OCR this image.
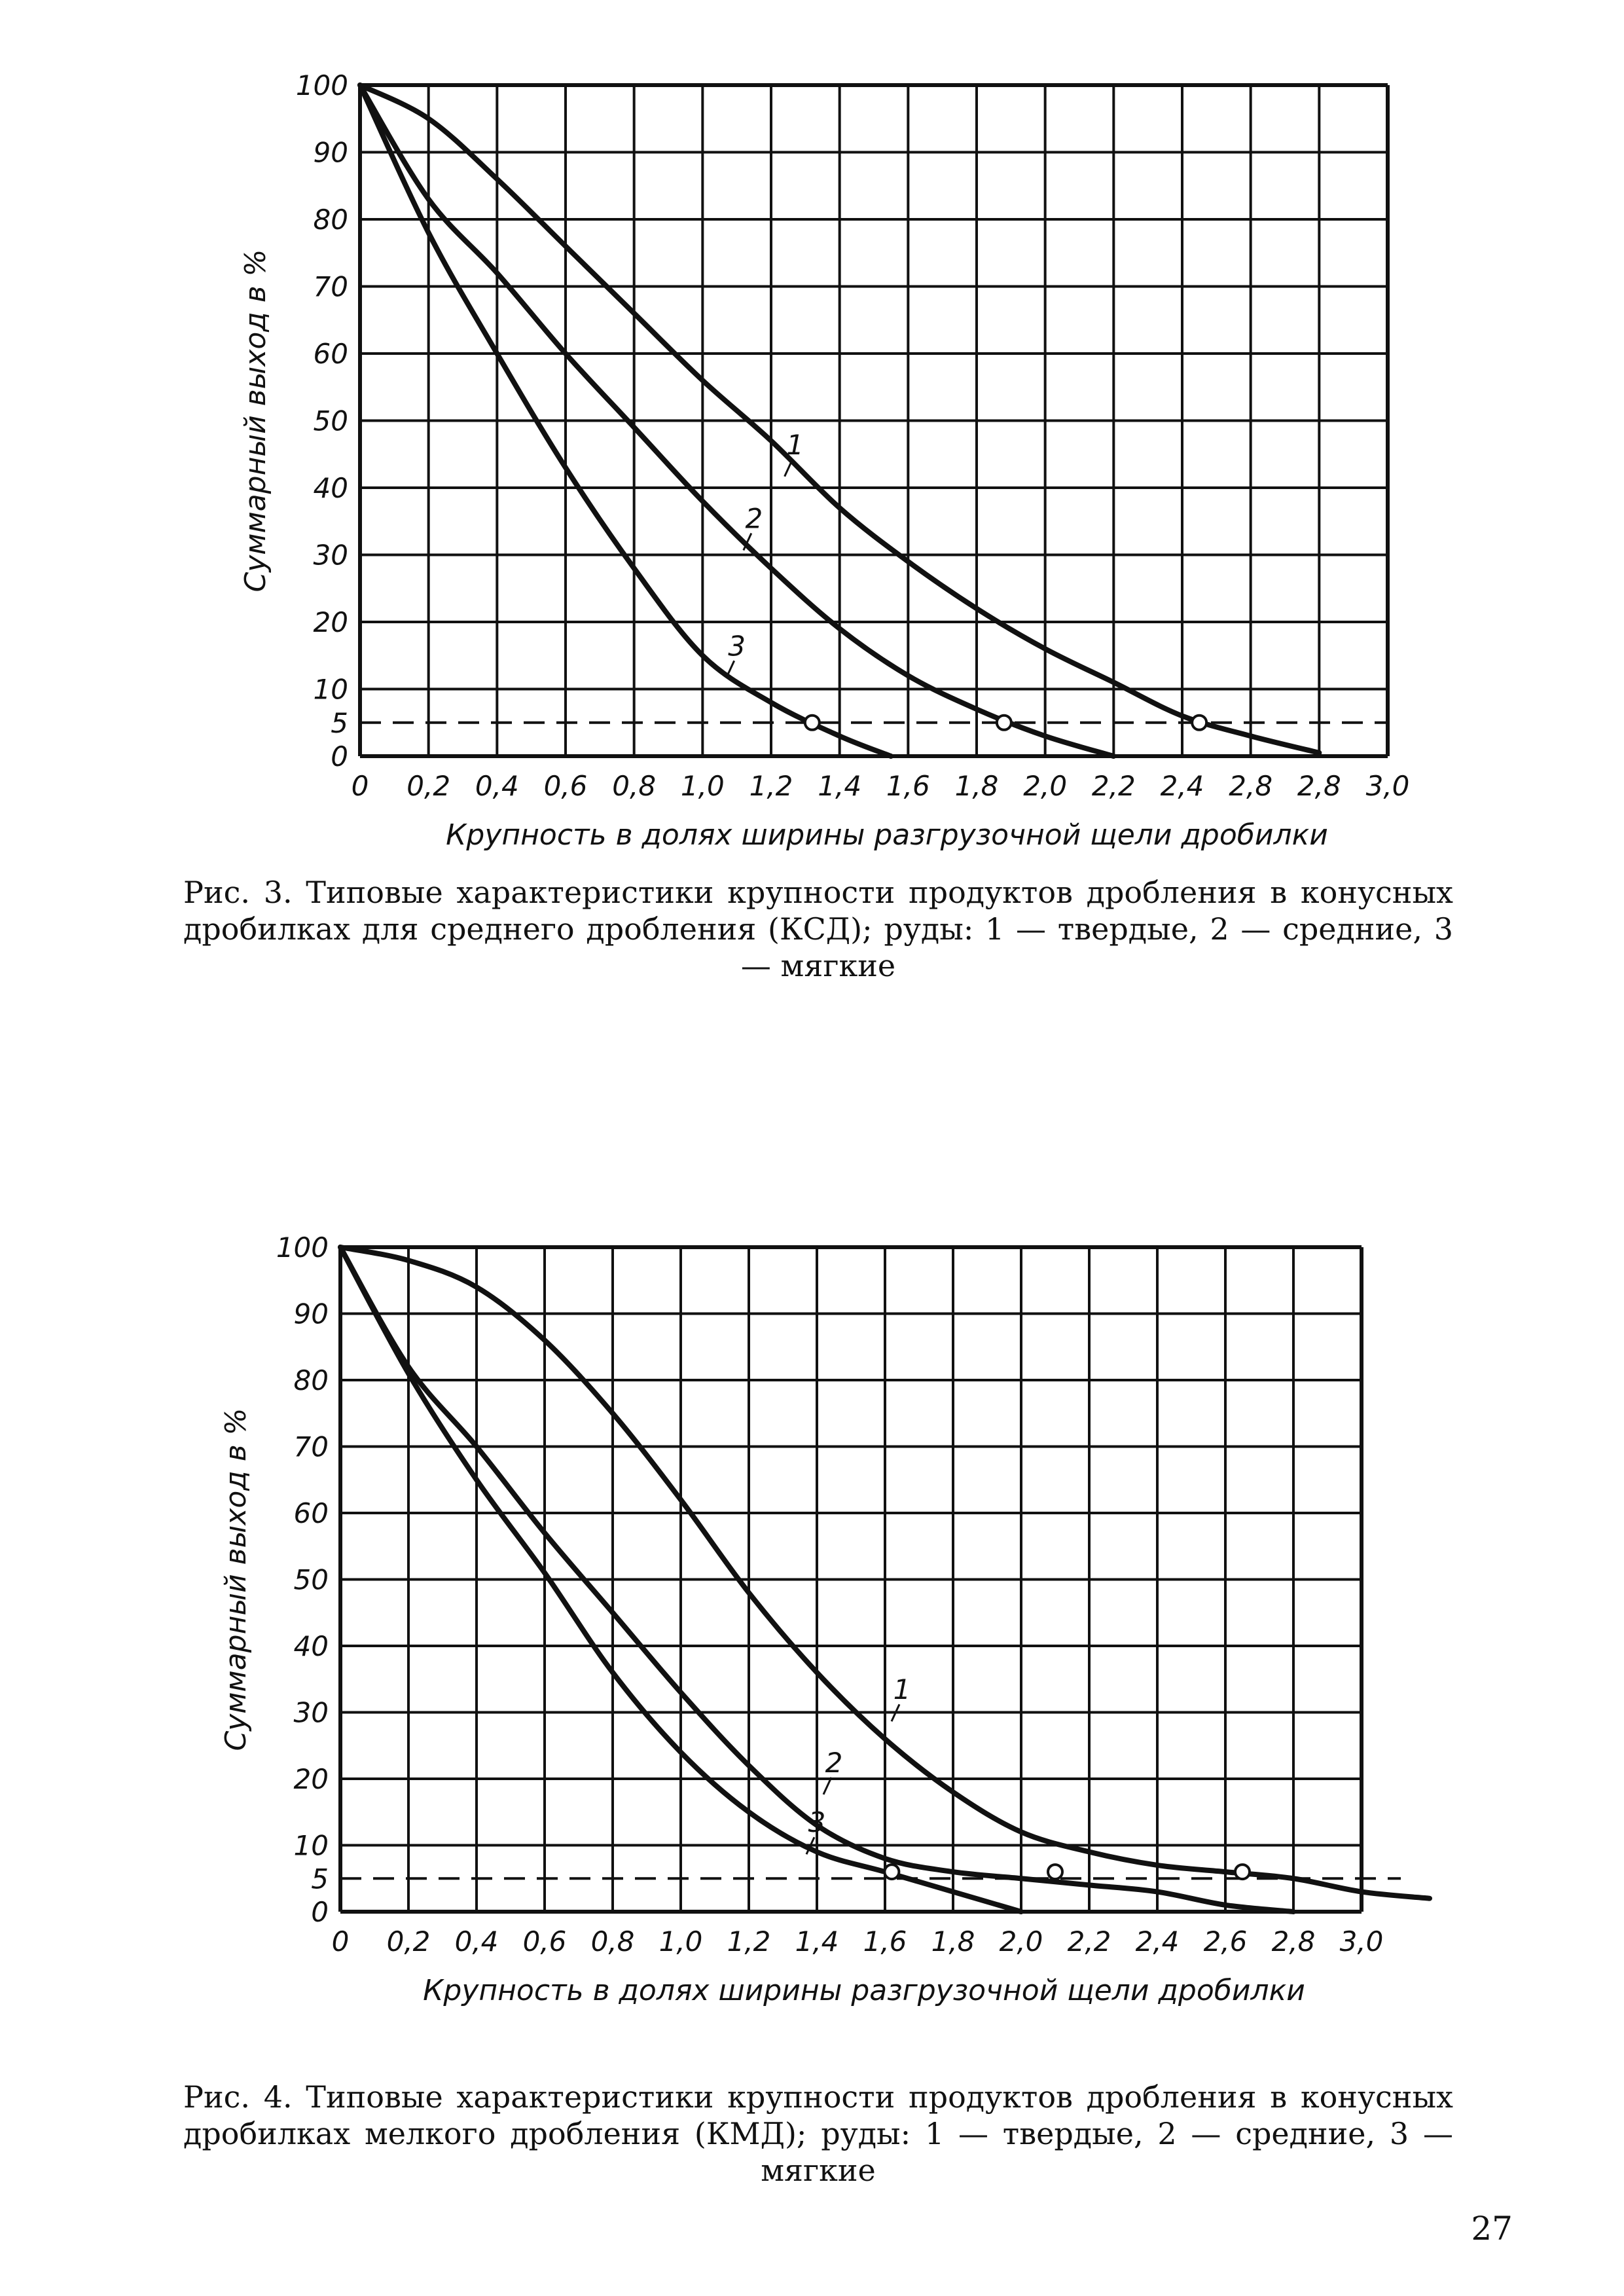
0 0,2 0,4 0,6 0,8 1,0 1,2 1,4 1,6 1,8 2,0 2,2 2,4 2,8 2,8 3,0
0
5
10
20
30
40
50
60
70
80
90
100
Крупность в долях ширины разгрузочной щели дробилки
Суммарный выход в %	1
2
3
Рис. 3. Типовые характеристики крупности продуктов дробления в конусных дробилках для среднего дробления (КСД); руды: 1 — твердые, 2 — средние, 3 — мягкие
0 0,2 0,4 0,6 0,8 1,0 1,2 1,4 1,6 1,8 2,0 2,2 2,4 2,6 2,8 3,0
0
5
10
20
30
40
50
60
70
80
90
100
Крупность в долях ширины разгрузочной щели дробилки
Суммарный выход в %	1
2
3
Рис. 4. Типовые характеристики крупности продуктов дробления в конусных дробилках мелкого дробления (КМД); руды: 1 — твердые, 2 — средние, 3 — мягкие
27
